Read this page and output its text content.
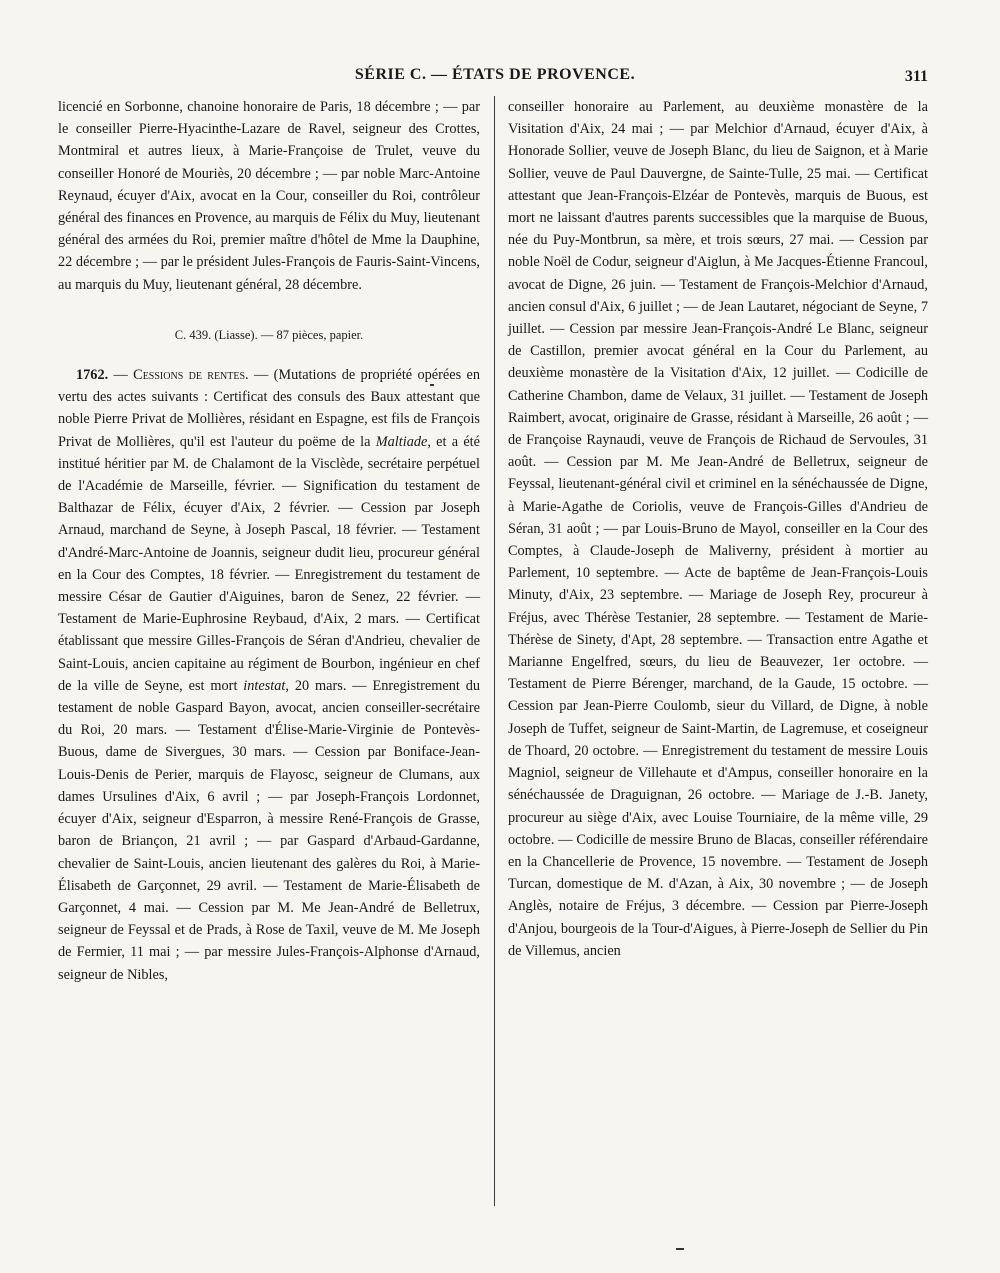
SÉRIE C. — ÉTATS DE PROVENCE.	311

licencié en Sorbonne, chanoine honoraire de Paris, 18 décembre ; — par le conseiller Pierre-Hyacinthe-Lazare de Ravel, seigneur des Crottes, Montmiral et autres lieux, à Marie-Françoise de Trulet, veuve du conseiller Honoré de Mouriès, 20 décembre ; — par noble Marc-Antoine Reynaud, écuyer d'Aix, avocat en la Cour, conseiller du Roi, contrôleur général des finances en Provence, au marquis de Félix du Muy, lieutenant général des armées du Roi, premier maître d'hôtel de Mme la Dauphine, 22 décembre ; — par le président Jules-François de Fauris-Saint-Vincens, au marquis du Muy, lieutenant général, 28 décembre.

C. 439. (Liasse). — 87 pièces, papier.

1762. — Cessions de rentes. — (Mutations de propriété opérées en vertu des actes suivants : Certificat des consuls des Baux attestant que noble Pierre Privat de Mollières, résidant en Espagne, est fils de François Privat de Mollières, qu'il est l'auteur du poëme de la Maltiade, et a été institué héritier par M. de Chalamont de la Visclède, secrétaire perpétuel de l'Académie de Marseille, février. — Signification du testament de Balthazar de Félix, écuyer d'Aix, 2 février. — Cession par Joseph Arnaud, marchand de Seyne, à Joseph Pascal, 18 février. — Testament d'André-Marc-Antoine de Joannis, seigneur dudit lieu, procureur général en la Cour des Comptes, 18 février. — Enregistrement du testament de messire César de Gautier d'Aiguines, baron de Senez, 22 février. — Testament de Marie-Euphrosine Reybaud, d'Aix, 2 mars. — Certificat établissant que messire Gilles-François de Séran d'Andrieu, chevalier de Saint-Louis, ancien capitaine au régiment de Bourbon, ingénieur en chef de la ville de Seyne, est mort intestat, 20 mars. — Enregistrement du testament de noble Gaspard Bayon, avocat, ancien conseiller-secrétaire du Roi, 20 mars. — Testament d'Élise-Marie-Virginie de Pontevès-Buous, dame de Sivergues, 30 mars. — Cession par Boniface-Jean-Louis-Denis de Perier, marquis de Flayosc, seigneur de Clumans, aux dames Ursulines d'Aix, 6 avril ; — par Joseph-François Lordonnet, écuyer d'Aix, seigneur d'Esparron, à messire René-François de Grasse, baron de Briançon, 21 avril ; — par Gaspard d'Arbaud-Gardanne, chevalier de Saint-Louis, ancien lieutenant des galères du Roi, à Marie-Élisabeth de Garçonnet, 29 avril. — Testament de Marie-Élisabeth de Garçonnet, 4 mai. — Cession par M. Me Jean-André de Belletrux, seigneur de Feyssal et de Prads, à Rose de Taxil, veuve de M. Me Joseph de Fermier, 11 mai ; — par messire Jules-François-Alphonse d'Arnaud, seigneur de Nibles,

conseiller honoraire au Parlement, au deuxième monastère de la Visitation d'Aix, 24 mai ; — par Melchior d'Arnaud, écuyer d'Aix, à Honorade Sollier, veuve de Joseph Blanc, du lieu de Saignon, et à Marie Sollier, veuve de Paul Dauvergne, de Sainte-Tulle, 25 mai. — Certificat attestant que Jean-François-Elzéar de Pontevès, marquis de Buous, est mort ne laissant d'autres parents successibles que la marquise de Buous, née du Puy-Montbrun, sa mère, et trois sœurs, 27 mai. — Cession par noble Noël de Codur, seigneur d'Aiglun, à Me Jacques-Étienne Francoul, avocat de Digne, 26 juin. — Testament de François-Melchior d'Arnaud, ancien consul d'Aix, 6 juillet ; — de Jean Lautaret, négociant de Seyne, 7 juillet. — Cession par messire Jean-François-André Le Blanc, seigneur de Castillon, premier avocat général en la Cour du Parlement, au deuxième monastère de la Visitation d'Aix, 12 juillet. — Codicille de Catherine Chambon, dame de Velaux, 31 juillet. — Testament de Joseph Raimbert, avocat, originaire de Grasse, résidant à Marseille, 26 août ; — de Françoise Raynaudi, veuve de François de Richaud de Servoules, 31 août. — Cession par M. Me Jean-André de Belletrux, seigneur de Feyssal, lieutenant-général civil et criminel en la sénéchaussée de Digne, à Marie-Agathe de Coriolis, veuve de François-Gilles d'Andrieu de Séran, 31 août ; — par Louis-Bruno de Mayol, conseiller en la Cour des Comptes, à Claude-Joseph de Maliverny, président à mortier au Parlement, 10 septembre. — Acte de baptême de Jean-François-Louis Minuty, d'Aix, 23 septembre. — Mariage de Joseph Rey, procureur à Fréjus, avec Thérèse Testanier, 28 septembre. — Testament de Marie-Thérèse de Sinety, d'Apt, 28 septembre. — Transaction entre Agathe et Marianne Engelfred, sœurs, du lieu de Beauvezer, 1er octobre. — Testament de Pierre Bérenger, marchand, de la Gaude, 15 octobre. — Cession par Jean-Pierre Coulomb, sieur du Villard, de Digne, à noble Joseph de Tuffet, seigneur de Saint-Martin, de Lagremuse, et coseigneur de Thoard, 20 octobre. — Enregistrement du testament de messire Louis Magniol, seigneur de Villehaute et d'Ampus, conseiller honoraire en la sénéchaussée de Draguignan, 26 octobre. — Mariage de J.-B. Janety, procureur au siège d'Aix, avec Louise Tourniaire, de la même ville, 29 octobre. — Codicille de messire Bruno de Blacas, conseiller référendaire en la Chancellerie de Provence, 15 novembre. — Testament de Joseph Turcan, domestique de M. d'Azan, à Aix, 30 novembre ; — de Joseph Anglès, notaire de Fréjus, 3 décembre. — Cession par Pierre-Joseph d'Anjou, bourgeois de la Tour-d'Aigues, à Pierre-Joseph de Sellier du Pin de Villemus, ancien
